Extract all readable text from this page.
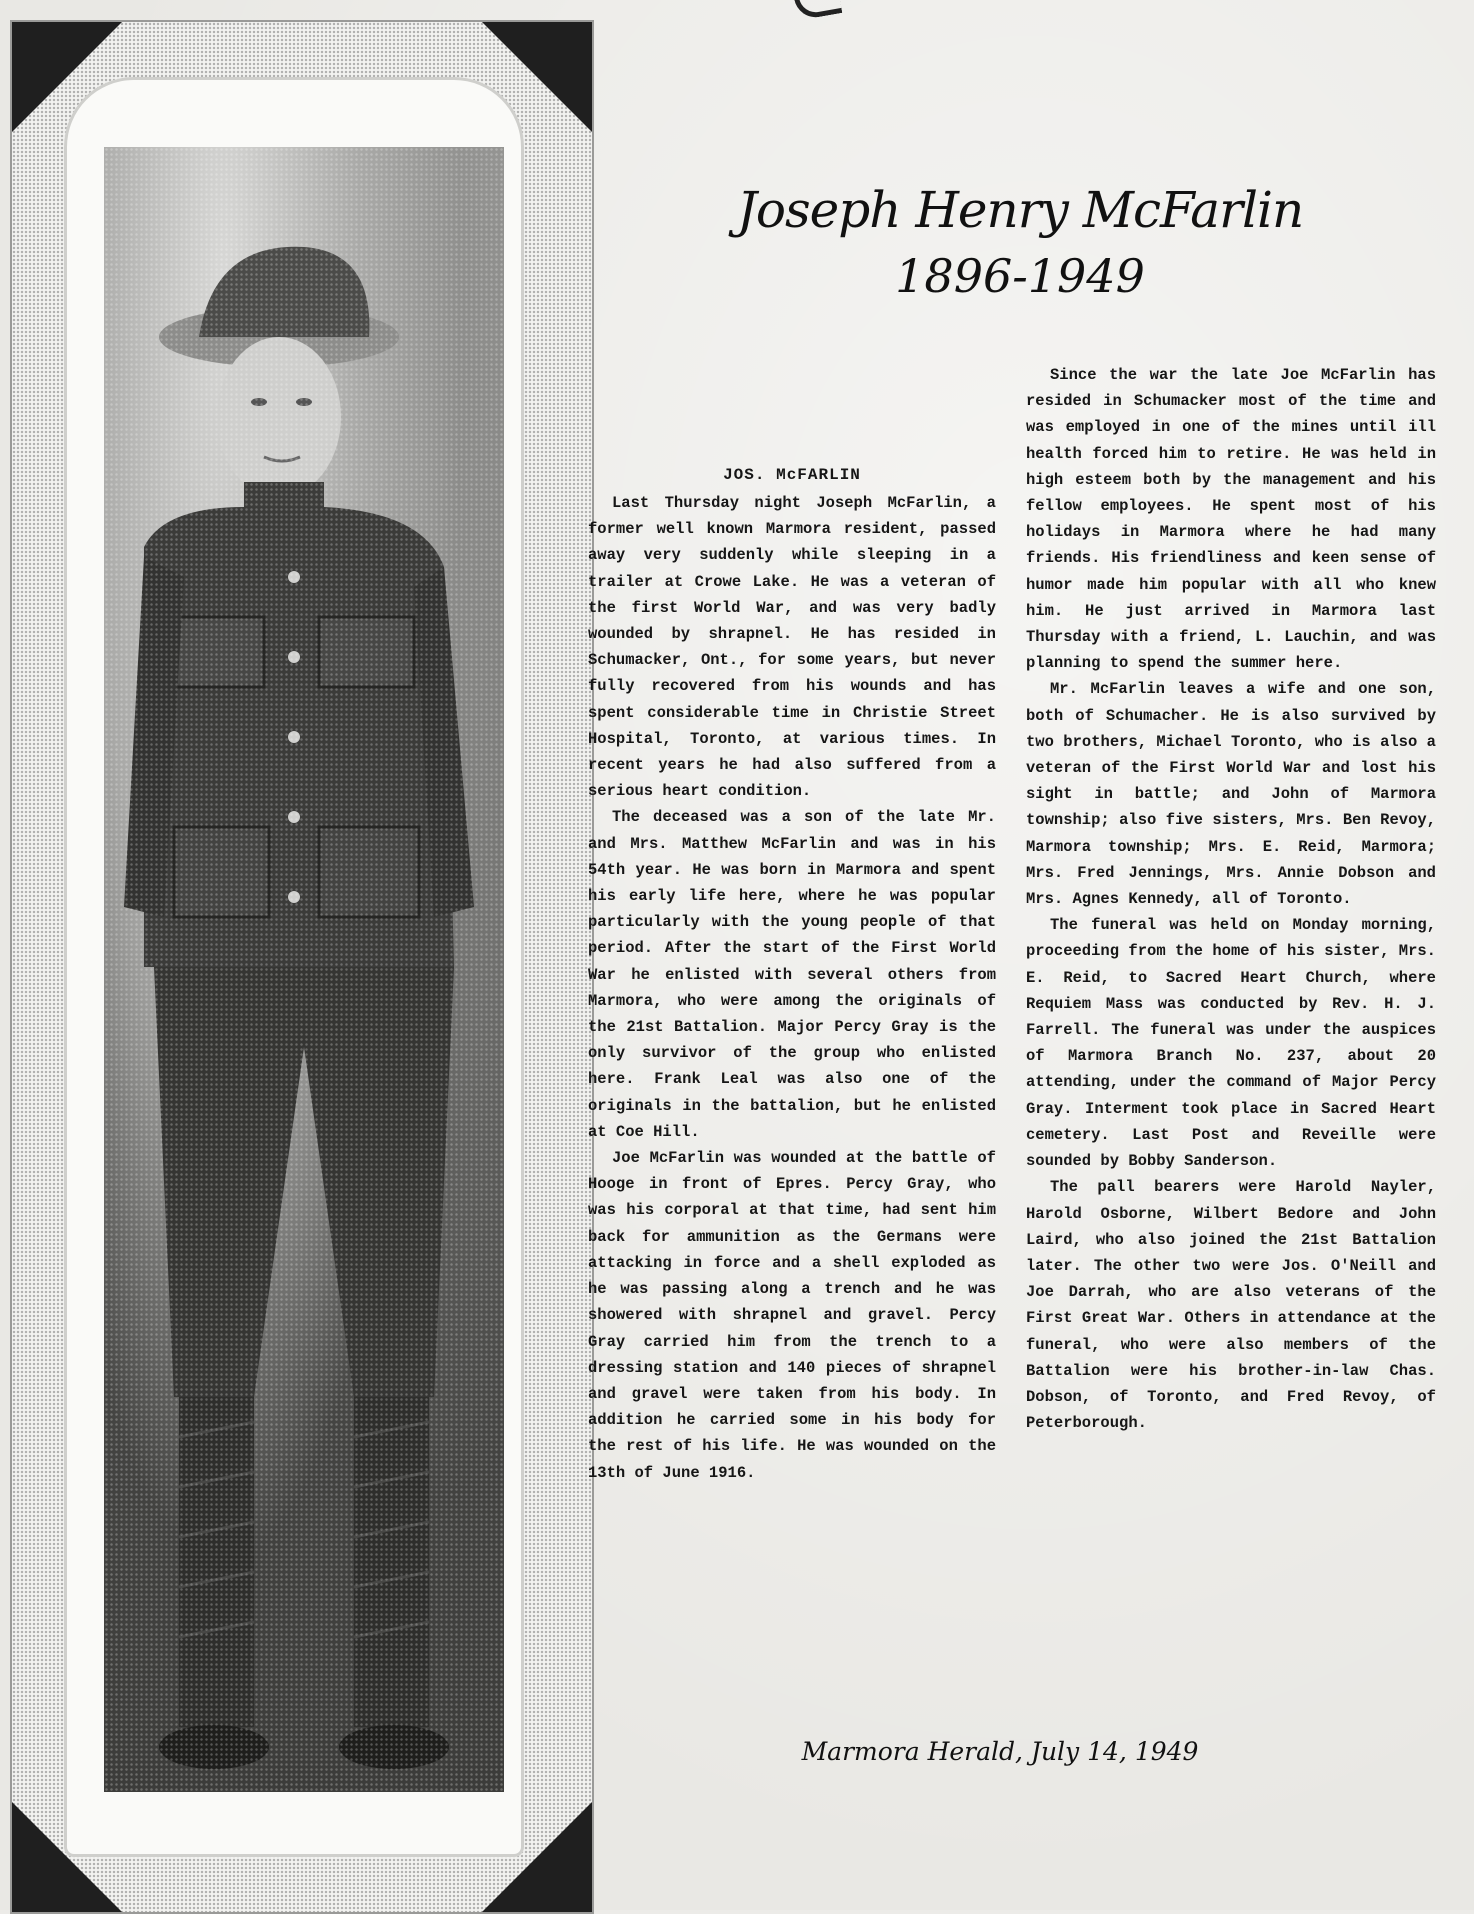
Joseph Henry McFarlin
1896-1949
JOS. McFARLIN

Last Thursday night Joseph McFarlin, a former well known Marmora resident, passed away very suddenly while sleeping in a trailer at Crowe Lake. He was a veteran of the first World War, and was very badly wounded by shrapnel. He has resided in Schumacker, Ont., for some years, but never fully recovered from his wounds and has spent considerable time in Christie Street Hospital, Toronto, at various times. In recent years he had also suffered from a serious heart condition.

The deceased was a son of the late Mr. and Mrs. Matthew McFarlin and was in his 54th year. He was born in Marmora and spent his early life here, where he was popular particularly with the young people of that period. After the start of the First World War he enlisted with several others from Marmora, who were among the originals of the 21st Battalion. Major Percy Gray is the only survivor of the group who enlisted here. Frank Leal was also one of the originals in the battalion, but he enlisted at Coe Hill.

Joe McFarlin was wounded at the battle of Hooge in front of Epres. Percy Gray, who was his corporal at that time, had sent him back for ammunition as the Germans were attacking in force and a shell exploded as he was passing along a trench and he was showered with shrapnel and gravel. Percy Gray carried him from the trench to a dressing station and 140 pieces of shrapnel and gravel were taken from his body. In addition he carried some in his body for the rest of his life. He was wounded on the 13th of June 1916.

Since the war the late Joe McFarlin has resided in Schumacker most of the time and was employed in one of the mines until ill health forced him to retire. He was held in high esteem both by the management and his fellow employees. He spent most of his holidays in Marmora where he had many friends. His friendliness and keen sense of humor made him popular with all who knew him. He just arrived in Marmora last Thursday with a friend, L. Lauchin, and was planning to spend the summer here.

Mr. McFarlin leaves a wife and one son, both of Schumacher. He is also survived by two brothers, Michael Toronto, who is also a veteran of the First World War and lost his sight in battle; and John of Marmora township; also five sisters, Mrs. Ben Revoy, Marmora township; Mrs. E. Reid, Marmora; Mrs. Fred Jennings, Mrs. Annie Dobson and Mrs. Agnes Kennedy, all of Toronto.

The funeral was held on Monday morning, proceeding from the home of his sister, Mrs. E. Reid, to Sacred Heart Church, where Requiem Mass was conducted by Rev. H. J. Farrell. The funeral was under the auspices of Marmora Branch No. 237, about 20 attending, under the command of Major Percy Gray. Interment took place in Sacred Heart cemetery. Last Post and Reveille were sounded by Bobby Sanderson.

The pall bearers were Harold Nayler, Harold Osborne, Wilbert Bedore and John Laird, who also joined the 21st Battalion later. The other two were Jos. O'Neill and Joe Darrah, who are also veterans of the First Great War. Others in attendance at the funeral, who were also members of the Battalion were his brother-in-law Chas. Dobson, of Toronto, and Fred Revoy, of Peterborough.

Marmora Herald, July 14, 1949
